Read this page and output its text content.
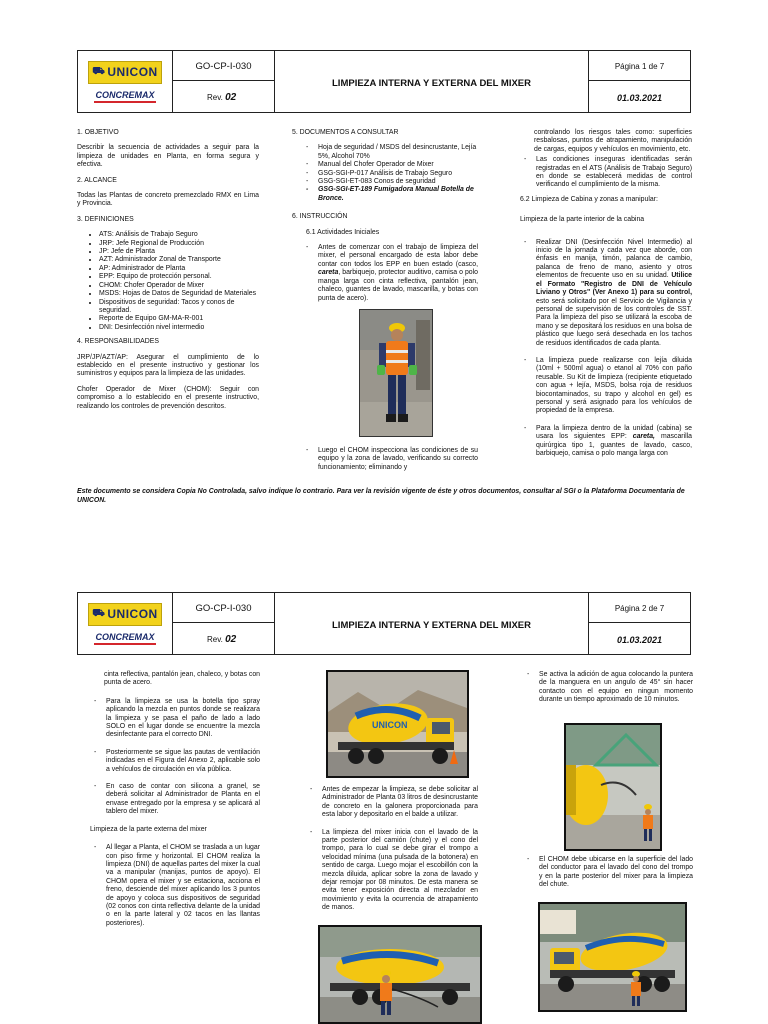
⛟ UNICON
CONCREMAX
GO-CP-I-030
Rev. 02
LIMPIEZA INTERNA Y EXTERNA DEL MIXER
Página 1 de 7
01.03.2021

1. OBJETIVO

Describir la secuencia de actividades a seguir para la limpieza de unidades en Planta, en forma segura y efectiva.

2. ALCANCE

Todas las Plantas de concreto premezclado RMX en Lima y Provincia.

3. DEFINICIONES

• ATS: Análisis de Trabajo Seguro
• JRP: Jefe Regional de Producción
• JP: Jefe de Planta
• AZT: Administrador Zonal de Transporte
• AP: Administrador de Planta
• EPP: Equipo de protección personal.
• CHOM: Chofer Operador de Mixer
• MSDS: Hojas de Datos de Seguridad de Materiales
• Dispositivos de seguridad: Tacos y conos de seguridad.
• Reporte de Equipo GM-MA-R-001
• DNI: Desinfección nivel intermedio

4. RESPONSABILIDADES

JRP/JP/AZT/AP: Asegurar el cumplimiento de lo establecido en el presente instructivo y gestionar los suministros y equipos para la limpieza de las unidades.

Chofer Operador de Mixer (CHOM): Seguir con compromiso a lo establecido en el presente instructivo, realizando los controles de prevención descritos.

5. DOCUMENTOS A CONSULTAR

- Hoja de seguridad / MSDS del desincrustante, Lejía 5%, Alcohol 70%
- Manual del Chofer Operador de Mixer
- GSG-SGI-P-017 Análisis de Trabajo Seguro
- GSG-SGI-ET-083 Conos de seguridad
- GSG-SGI-ET-189 Fumigadora Manual Botella de Bronce.

6. INSTRUCCIÓN

6.1 Actividades Iniciales

- Antes de comenzar con el trabajo de limpieza del mixer, el personal encargado de esta labor debe contar con todos los EPP en buen estado (casco, careta, barbiquejo, protector auditivo, camisa o polo manga larga con cinta reflectiva, pantalón jean, chaleco, guantes de lavado, mascarilla, y botas con punta de acero).
- Luego el CHOM inspecciona las condiciones de su equipo y la zona de lavado, verificando su correcto funcionamiento; eliminando y

controlando los riesgos tales como: superficies resbalosas, puntos de atrapamiento, manipulación de cargas, equipos y vehículos en movimiento, etc.

- Las condiciones inseguras identificadas serán registradas en el ATS (Análisis de Trabajo Seguro) en donde se establecerá medidas de control verificando el cumplimiento de la misma.

6.2 Limpieza de Cabina y zonas a manipular:

Limpieza de la parte interior de la cabina

- Realizar DNI (Desinfección Nivel Intermedio) al inicio de la jornada y cada vez que aborde, con énfasis en manija, timón, palanca de cambio, palanca de freno de mano, asiento y otros elementos de frecuente uso en su unidad. Utilice el Formato "Registro de DNI de Vehículo Liviano y Otros" (Ver Anexo 1) para su control, esto será solicitado por el Servicio de Vigilancia y personal de supervisión de los controles de SST. Para la limpieza del piso se utilizará la escoba de mano y se depositará los residuos en una bolsa de plástico que luego será desechada en los tachos de residuos identificados de cada planta.
- La limpieza puede realizarse con lejía diluida (10ml + 500ml agua) o etanol al 70% con paño reusable. Su Kit de limpieza (recipiente etiquetado con agua + lejía, MSDS, bolsa roja de residuos biocontaminados, su trapo y alcohol en gel) es personal y será asignado para los vehículos de propiedad de la empresa.
- Para la limpieza dentro de la unidad (cabina) se usara los siguientes EPP: careta, mascarilla quirúrgica tipo 1, guantes de lavado, casco, barbiquejo, camisa o polo manga larga con
Este documento se considera Copia No Controlada, salvo indique lo contrario. Para ver la revisión vigente de éste y otros documentos, consultar al SGI o la Plataforma Documentaria de UNICON.
⛟ UNICON
CONCREMAX
GO-CP-I-030
Rev. 02
LIMPIEZA INTERNA Y EXTERNA DEL MIXER
Página 2 de 7
01.03.2021

cinta reflectiva, pantalón jean, chaleco, y botas con punta de acero.

- Para la limpieza se usa la botella tipo spray aplicando la mezcla en puntos donde se realizara la limpieza y se pasa el paño de lado a lado SOLO en el lugar donde se encuentre la mezcla desinfectante para el correcto DNI.
- Posteriormente se sigue las pautas de ventilación indicadas en el Figura del Anexo 2, aplicable solo a vehículos de circulación en vía pública.
- En caso de contar con silicona a granel, se deberá solicitar al Administrador de Planta en el envase entregado por la empresa y se aplicará al tablero del mixer.

Limpieza de la parte externa del mixer

- Al llegar a Planta, el CHOM se traslada a un lugar con piso firme y horizontal. El CHOM realiza la limpieza (DNI) de aquellas partes del mixer la cual va a manipular (manijas, puntos de apoyo). El CHOM opera el mixer y se estaciona, acciona el freno, desciende del mixer aplicando los 3 puntos de apoyo y coloca sus dispositivos de seguridad (02 conos con cinta reflectiva delante de la unidad o en la parte lateral y 02 tacos en las llantas posteriores).
UNICON
- Antes de empezar la limpieza, se debe solicitar al Administrador de Planta 03 litros de desincrustante de concreto en la galonera proporcionada para esta labor y depositarlo en el balde a utilizar.
- La limpieza del mixer inicia con el lavado de la parte posterior del camión (chute) y el cono del trompo, para lo cual se debe girar el trompo a velocidad mínima (una pulsada de la botonera) en sentido de carga. Luego mojar el escobillón con la mezcla diluida, aplicar sobre la zona de lavado y dejar remojar por 08 minutos. De esta manera se evita tener exposición directa al mezclador en movimiento y evita la ocurrencia de atrapamiento de manos.
- Se activa la adición de agua colocando la puntera de la manguera en un angulo de 45° sin hacer contacto con el equipo en ningun momento durante un tiempo aproximado de 10 minutos.
- El CHOM debe ubicarse en la superficie del lado del conductor para el lavado del cono del trompo y en la parte posterior del mixer para la limpieza del chute.
